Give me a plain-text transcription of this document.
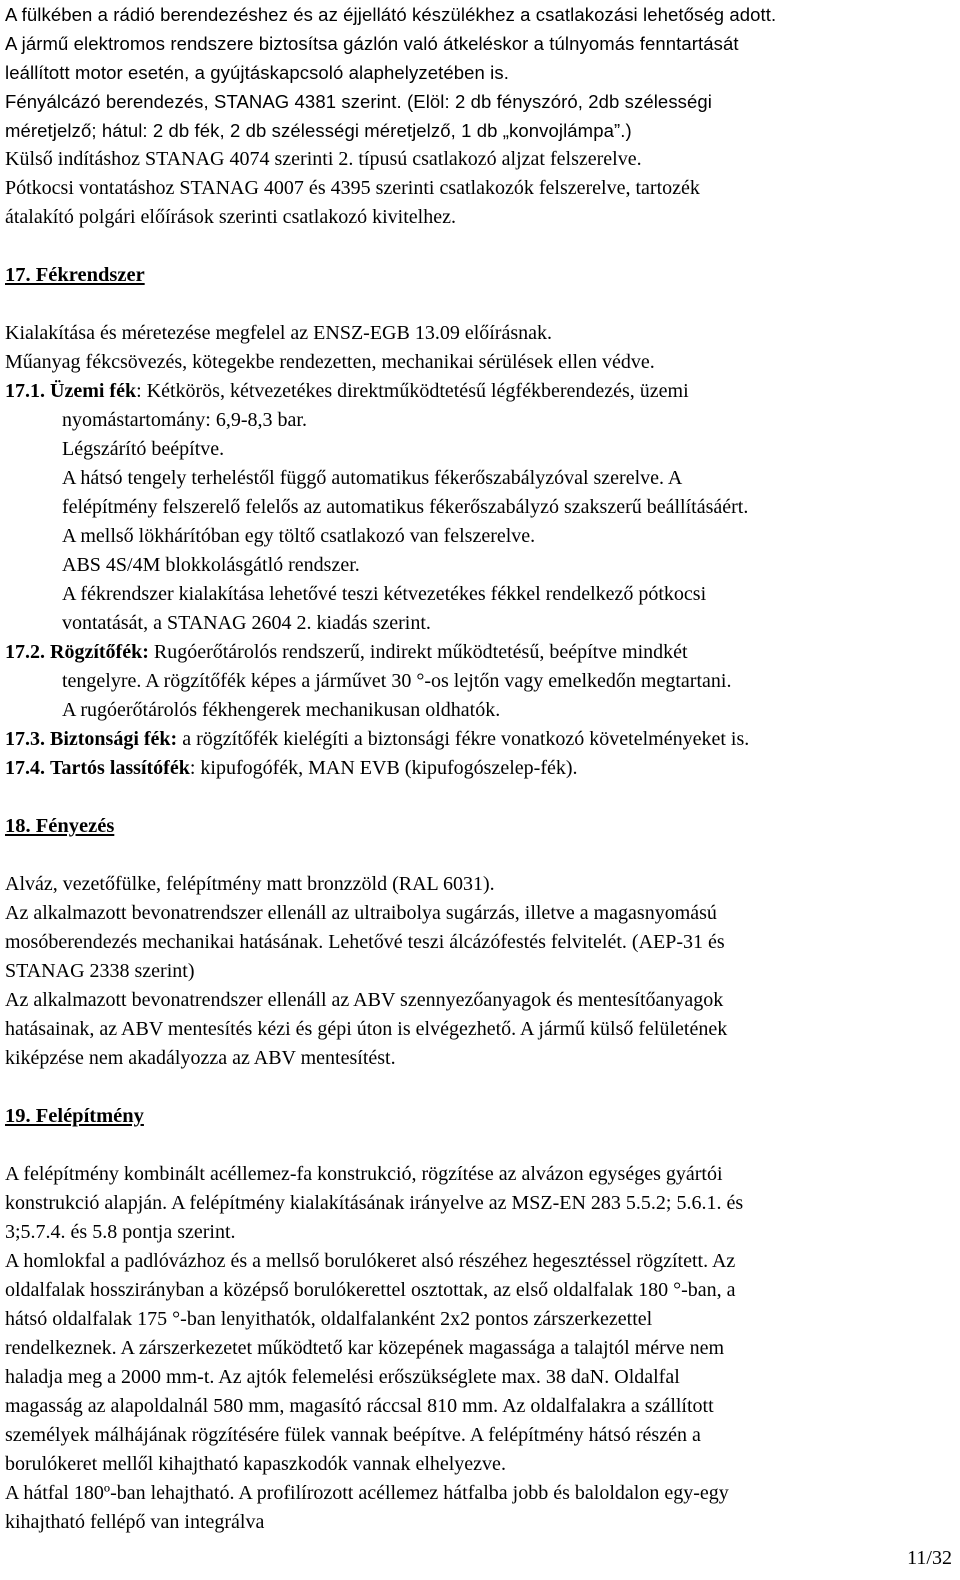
A fülkében a rádió berendezéshez és az éjjellátó készülékhez a csatlakozási lehetőség adott.

A jármű elektromos rendszere biztosítsa gázlón való átkeléskor a túlnyomás fenntartását

leállított motor esetén, a gyújtáskapcsoló alaphelyzetében is.

Fényálcázó berendezés, STANAG 4381 szerint. (Elöl: 2 db fényszóró, 2db szélességi

méretjelző; hátul: 2 db fék, 2 db szélességi méretjelző, 1 db „konvojlámpa”.)

Külső indításhoz STANAG 4074 szerinti 2. típusú csatlakozó aljzat felszerelve.

Pótkocsi vontatáshoz STANAG 4007 és 4395 szerinti csatlakozók felszerelve, tartozék

átalakító polgári előírások szerinti csatlakozó kivitelhez.

17. Fékrendszer

Kialakítása és méretezése megfelel az ENSZ-EGB 13.09 előírásnak.

Műanyag fékcsövezés, kötegekbe rendezetten, mechanikai sérülések ellen védve.

17.1. Üzemi fék: Kétkörös, kétvezetékes direktműködtetésű légfékberendezés, üzemi

nyomástartomány: 6,9-8,3 bar.

Légszárító beépítve.

A hátsó tengely terheléstől függő automatikus fékerőszabályzóval szerelve. A

felépítmény felszerelő felelős az automatikus fékerőszabályzó szakszerű beállításáért.

A mellső lökhárítóban egy töltő csatlakozó van felszerelve.

ABS 4S/4M blokkolásgátló rendszer.

A fékrendszer kialakítása lehetővé teszi kétvezetékes fékkel rendelkező pótkocsi

vontatását, a STANAG 2604 2. kiadás szerint.

17.2. Rögzítőfék: Rugóerőtárolós rendszerű, indirekt működtetésű, beépítve mindkét

tengelyre. A rögzítőfék képes a járművet 30 °-os lejtőn vagy emelkedőn megtartani.

A rugóerőtárolós fékhengerek mechanikusan oldhatók.

17.3. Biztonsági fék: a rögzítőfék kielégíti a biztonsági fékre vonatkozó követelményeket is.

17.4. Tartós lassítófék: kipufogófék, MAN EVB (kipufogószelep-fék).

18. Fényezés

Alváz, vezetőfülke, felépítmény matt bronzzöld (RAL 6031).

Az alkalmazott bevonatrendszer ellenáll az ultraibolya sugárzás, illetve a magasnyomású

mosóberendezés mechanikai hatásának. Lehetővé teszi álcázófestés felvitelét. (AEP-31 és

STANAG 2338 szerint)

Az alkalmazott bevonatrendszer ellenáll az ABV szennyezőanyagok és mentesítőanyagok

hatásainak, az ABV mentesítés kézi és gépi úton is elvégezhető. A jármű külső felületének

kiképzése nem akadályozza az ABV mentesítést.

19. Felépítmény

A felépítmény kombinált acéllemez-fa konstrukció, rögzítése az alvázon egységes gyártói

konstrukció alapján. A felépítmény kialakításának irányelve az MSZ-EN 283 5.5.2; 5.6.1. és

3;5.7.4. és 5.8 pontja szerint.

A homlokfal a padlóvázhoz és a mellső borulókeret alsó részéhez hegesztéssel rögzített. Az

oldalfalak hosszirányban a középső borulókerettel osztottak, az első oldalfalak 180 °-ban, a

hátsó oldalfalak 175 °-ban lenyithatók, oldalfalanként 2x2 pontos zárszerkezettel

rendelkeznek. A zárszerkezetet működtető kar közepének magassága a talajtól mérve nem

haladja meg a 2000 mm-t. Az ajtók felemelési erőszükséglete max. 38 daN. Oldalfal

magasság az alapoldalnál 580 mm, magasító ráccsal 810 mm. Az oldalfalakra a szállított

személyek málhájának rögzítésére fülek vannak beépítve. A felépítmény hátsó részén a

borulókeret mellől kihajtható kapaszkodók vannak elhelyezve.

A hátfal 180º-ban lehajtható. A profilírozott acéllemez hátfalba jobb és baloldalon egy-egy

kihajtható fellépő van integrálva

11/32
